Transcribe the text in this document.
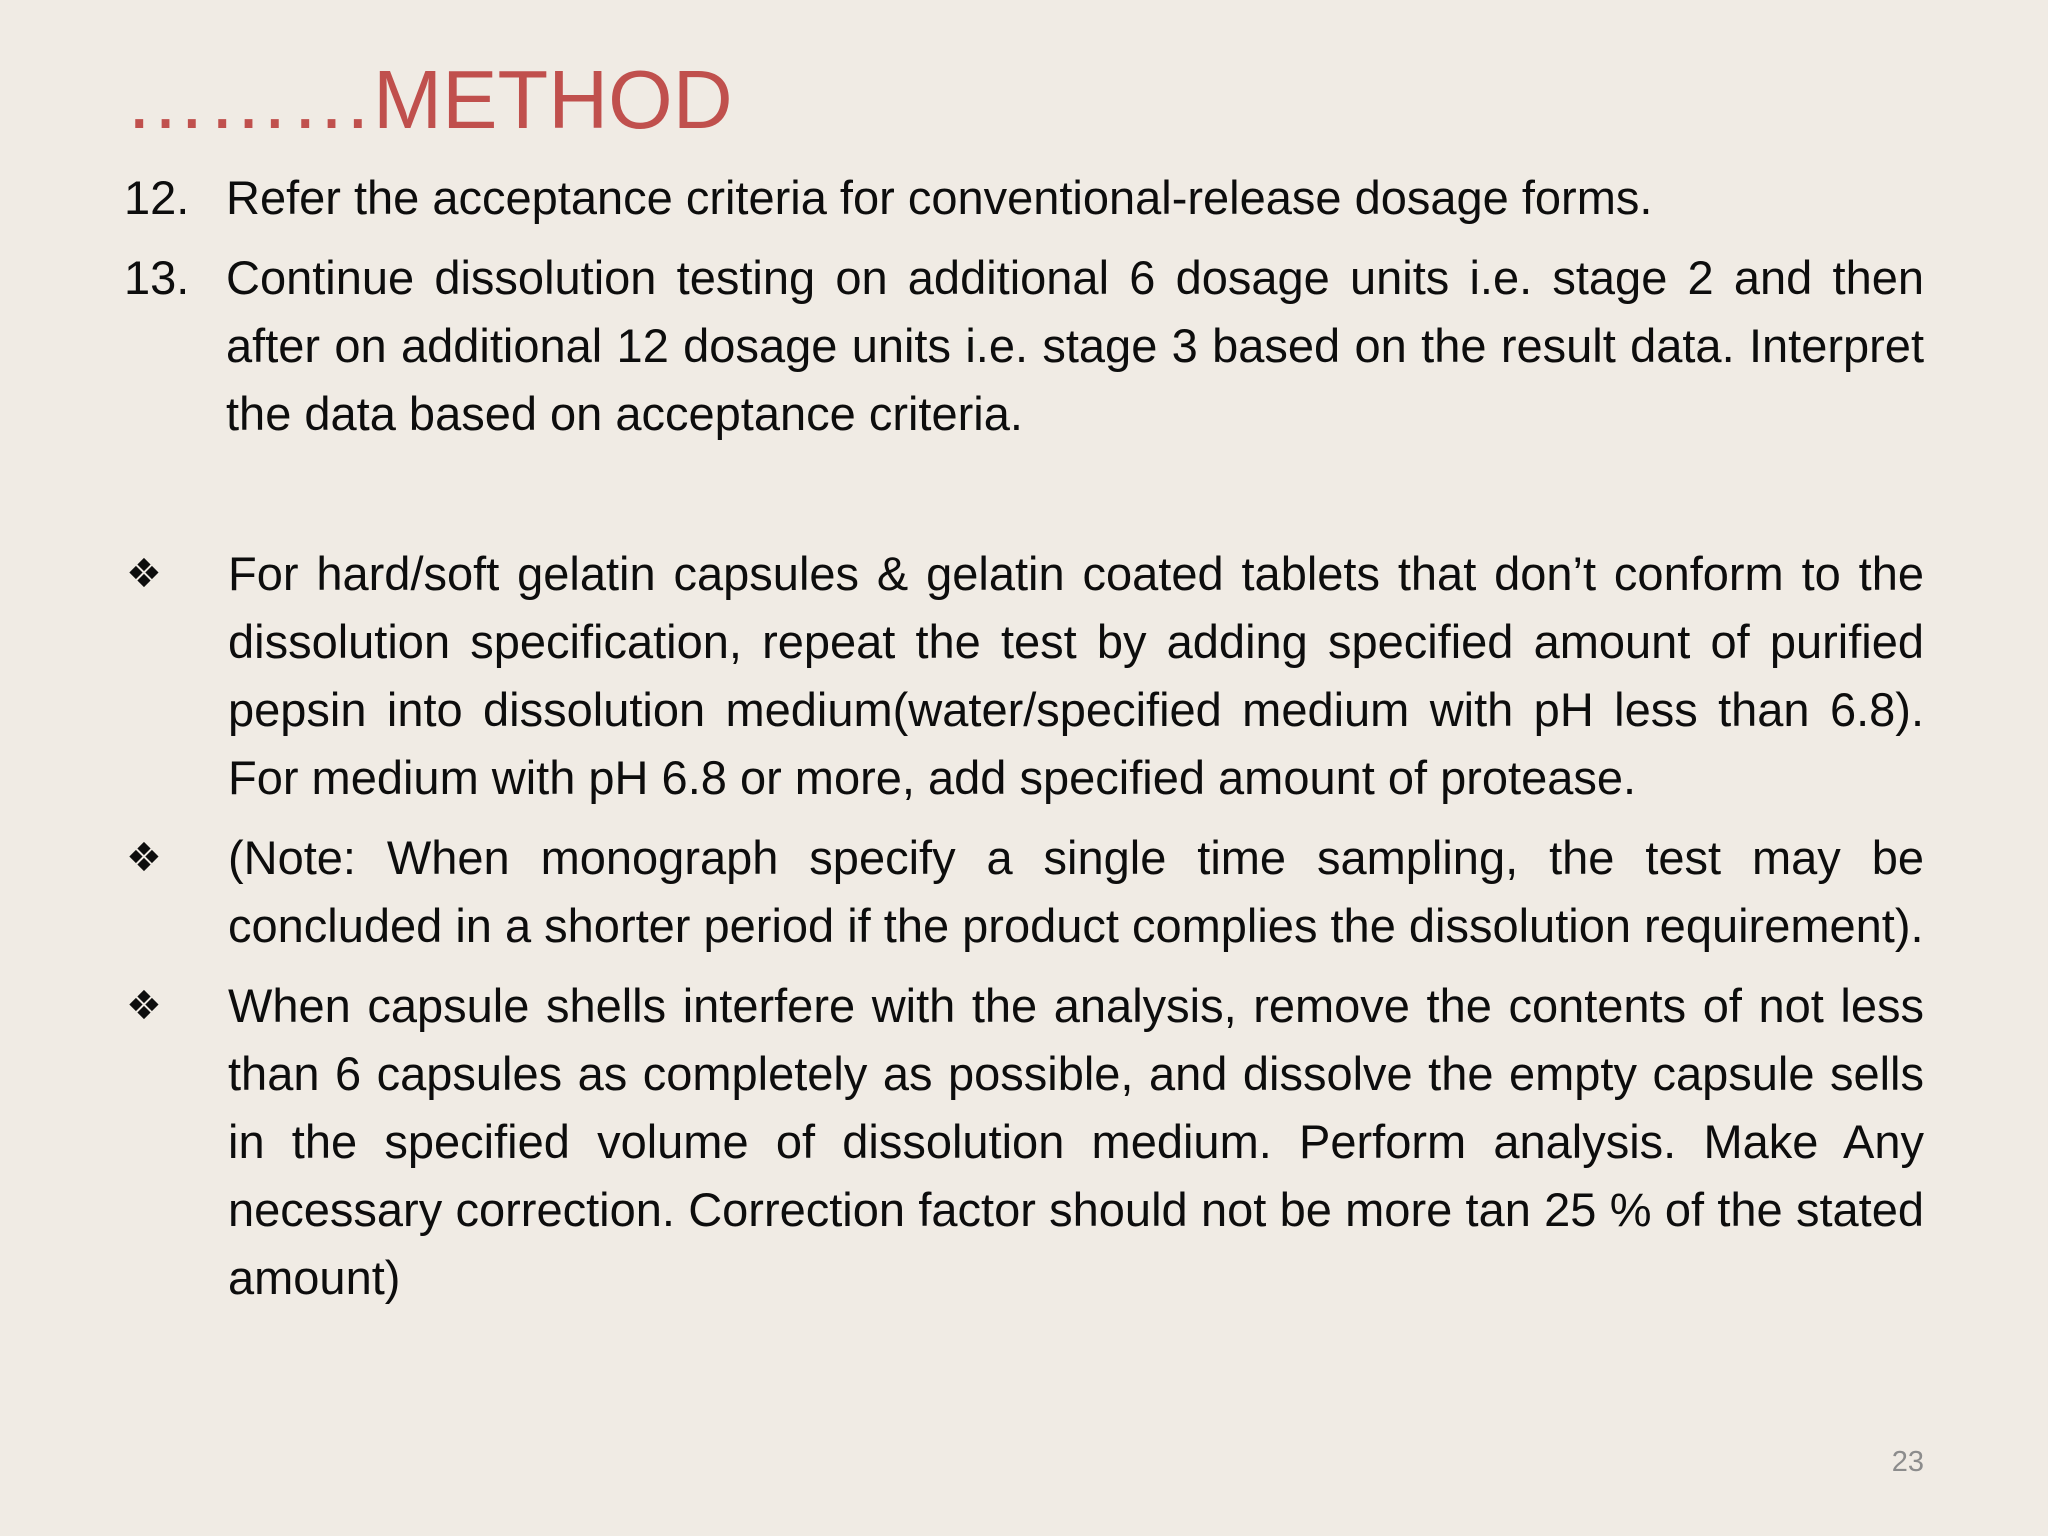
………METHOD
12. Refer the acceptance criteria for conventional-release dosage forms.
13. Continue dissolution testing on additional 6 dosage units i.e. stage 2 and then after on additional 12 dosage units i.e. stage 3 based on the result data. Interpret the data based on acceptance criteria.
❖	For hard/soft gelatin capsules & gelatin coated tablets that don’t conform to the dissolution specification, repeat the test by adding specified amount of purified pepsin into dissolution medium(water/specified medium with pH less than 6.8). For medium with pH 6.8 or more, add specified amount of protease.
❖	(Note: When monograph specify a single time sampling, the test may be concluded in a shorter period if the product complies the dissolution requirement).
❖	When capsule shells interfere with the analysis, remove the contents of not less than 6 capsules as completely as possible, and dissolve the empty capsule sells in the specified volume of dissolution medium. Perform analysis. Make Any necessary correction. Correction factor should not be more tan 25 % of the stated amount)
23
